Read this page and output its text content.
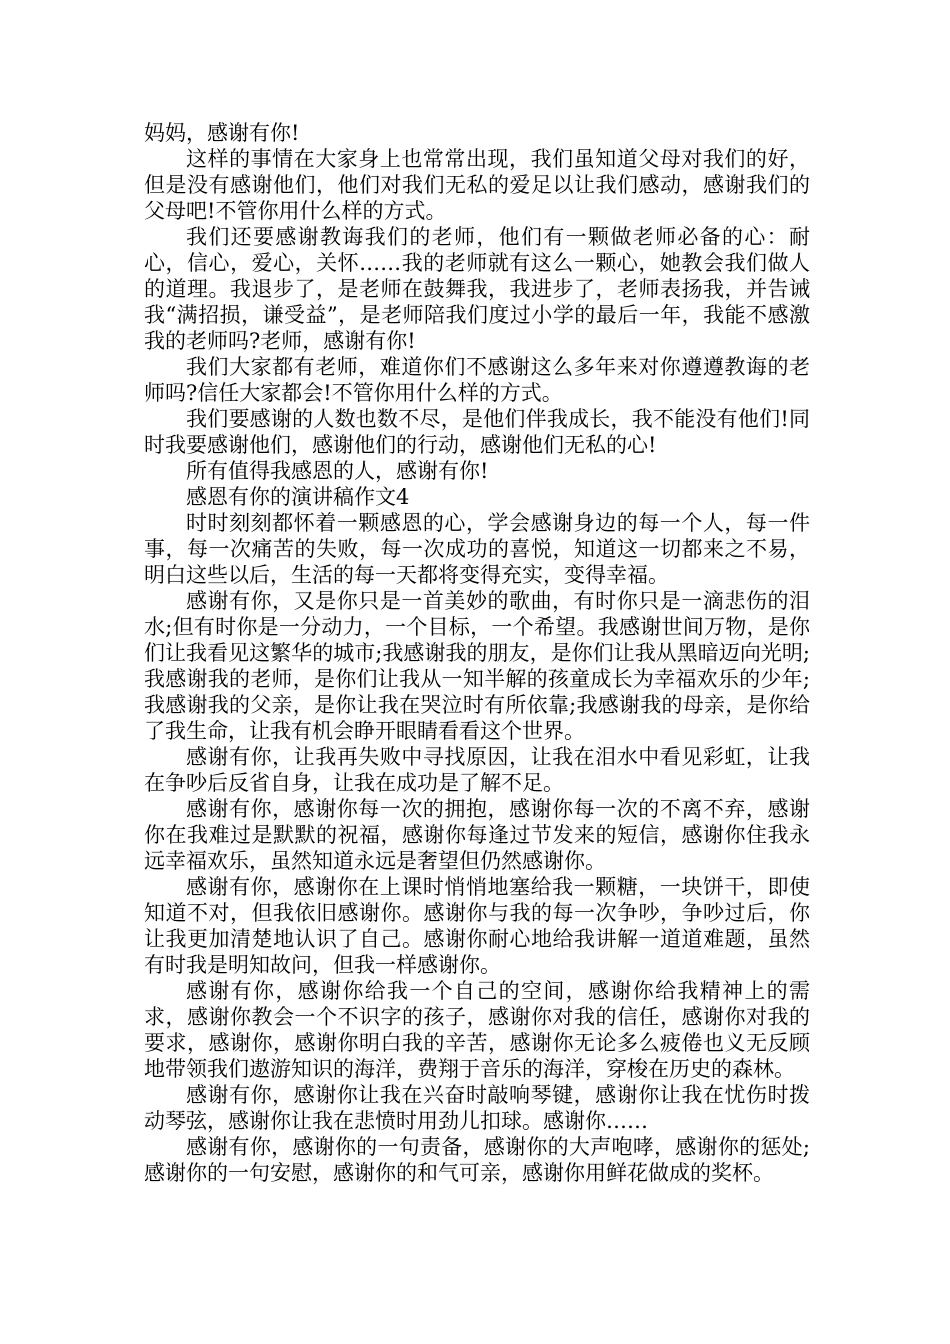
妈妈，感谢有你!

这样的事情在大家身上也常常出现，我们虽知道父母对我们的好，但是没有感谢他们，他们对我们无私的爱足以让我们感动，感谢我们的父母吧!不管你用什么样的方式。

我们还要感谢教诲我们的老师，他们有一颗做老师必备的心：耐心，信心，爱心，关怀……我的老师就有这么一颗心，她教会我们做人的道理。我退步了，是老师在鼓舞我，我进步了，老师表扬我，并告诫我“满招损，谦受益”，是老师陪我们度过小学的最后一年，我能不感激我的老师吗?老师，感谢有你!

我们大家都有老师，难道你们不感谢这么多年来对你遵遵教诲的老师吗?信任大家都会!不管你用什么样的方式。

我们要感谢的人数也数不尽，是他们伴我成长，我不能没有他们!同时我要感谢他们，感谢他们的行动，感谢他们无私的心!

所有值得我感恩的人，感谢有你!

感恩有你的演讲稿作文4

时时刻刻都怀着一颗感恩的心，学会感谢身边的每一个人，每一件事，每一次痛苦的失败，每一次成功的喜悦，知道这一切都来之不易，明白这些以后，生活的每一天都将变得充实，变得幸福。

感谢有你，又是你只是一首美妙的歌曲，有时你只是一滴悲伤的泪水;但有时你是一分动力，一个目标，一个希望。我感谢世间万物，是你们让我看见这繁华的城市;我感谢我的朋友，是你们让我从黑暗迈向光明;我感谢我的老师，是你们让我从一知半解的孩童成长为幸福欢乐的少年;我感谢我的父亲，是你让我在哭泣时有所依靠;我感谢我的母亲，是你给了我生命，让我有机会睁开眼睛看看这个世界。

感谢有你，让我再失败中寻找原因，让我在泪水中看见彩虹，让我在争吵后反省自身，让我在成功是了解不足。

感谢有你，感谢你每一次的拥抱，感谢你每一次的不离不弃，感谢你在我难过是默默的祝福，感谢你每逢过节发来的短信，感谢你住我永远幸福欢乐，虽然知道永远是奢望但仍然感谢你。

感谢有你，感谢你在上课时悄悄地塞给我一颗糖，一块饼干，即使知道不对，但我依旧感谢你。感谢你与我的每一次争吵，争吵过后，你让我更加清楚地认识了自己。感谢你耐心地给我讲解一道道难题，虽然有时我是明知故问，但我一样感谢你。

感谢有你，感谢你给我一个自己的空间，感谢你给我精神上的需求，感谢你教会一个不识字的孩子，感谢你对我的信任，感谢你对我的要求，感谢你，感谢你明白我的辛苦，感谢你无论多么疲倦也义无反顾地带领我们遨游知识的海洋，费翔于音乐的海洋，穿梭在历史的森林。

感谢有你，感谢你让我在兴奋时敲响琴键，感谢你让我在忧伤时拨动琴弦，感谢你让我在悲愤时用劲儿扣球。感谢你……

感谢有你，感谢你的一句责备，感谢你的大声咆哮，感谢你的惩处;感谢你的一句安慰，感谢你的和气可亲，感谢你用鲜花做成的奖杯。
